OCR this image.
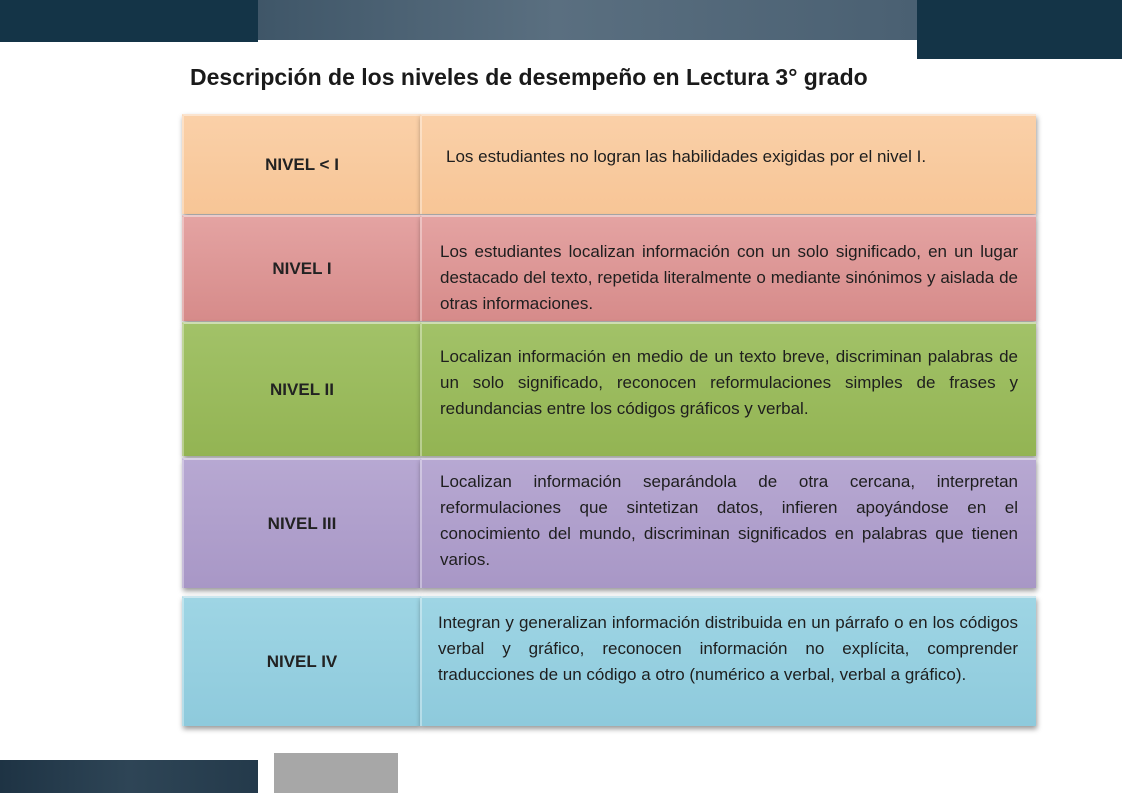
Descripción de los niveles de desempeño en Lectura 3° grado
NIVEL < I	Los estudiantes no logran las habilidades exigidas por el nivel I.
NIVEL I
Los estudiantes localizan información con un solo significado, en un lugar destacado del texto, repetida literalmente o mediante sinónimos y aislada de otras informaciones.
NIVEL II
Localizan información en medio de un texto breve, discriminan palabras de un solo significado, reconocen reformulaciones simples de frases y redundancias entre los códigos gráficos y verbal.
NIVEL III
Localizan información separándola de otra cercana, interpretan reformulaciones que sintetizan datos, infieren apoyándose en el conocimiento del mundo, discriminan significados en palabras que tienen varios.
NIVEL IV
Integran y generalizan información distribuida en un párrafo o en los códigos verbal y gráfico, reconocen información no explícita, comprender traducciones de un código a otro (numérico a verbal, verbal a gráfico).
